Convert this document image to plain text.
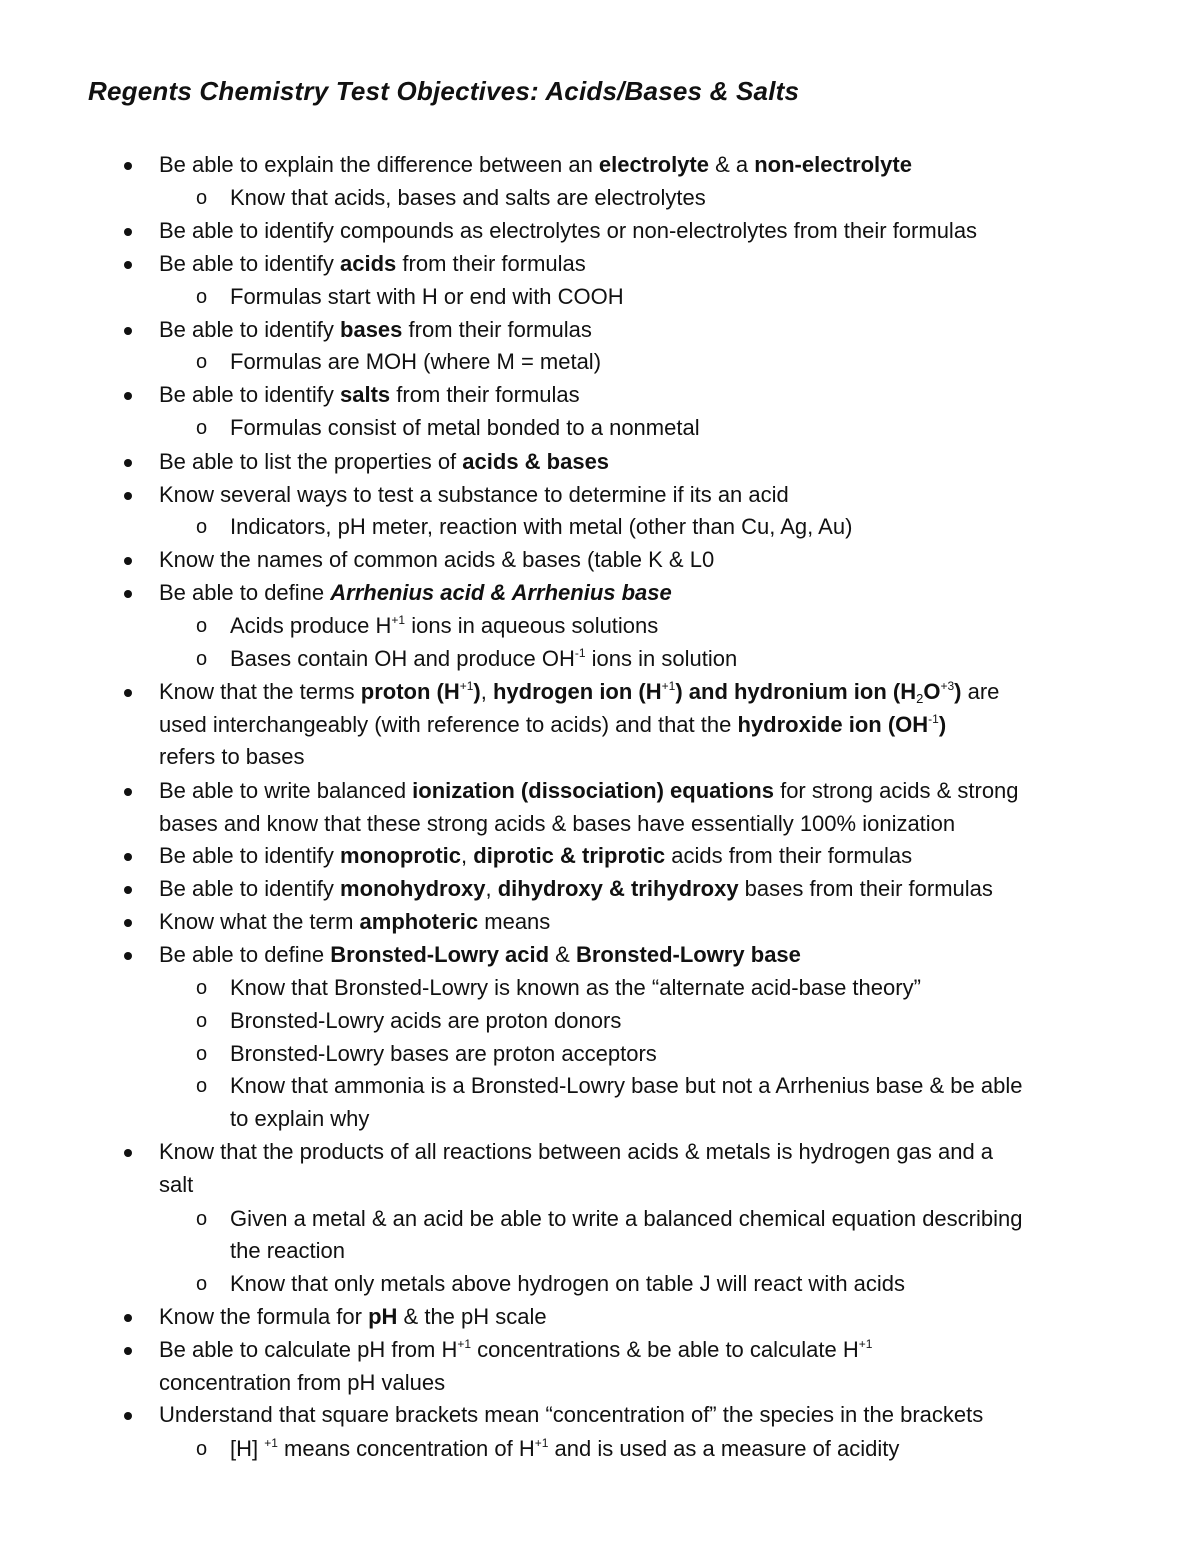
Regents Chemistry Test Objectives: Acids/Bases & Salts
Be able to explain the difference between an electrolyte & a non-electrolyte
o Know that acids, bases and salts are electrolytes
Be able to identify compounds as electrolytes or non-electrolytes from their formulas
Be able to identify acids from their formulas
o Formulas start with H or end with COOH
Be able to identify bases from their formulas
o Formulas are MOH (where M = metal)
Be able to identify salts from their formulas
o Formulas consist of metal bonded to a nonmetal
Be able to list the properties of acids & bases
Know several ways to test a substance to determine if its an acid
o Indicators, pH meter, reaction with metal (other than Cu, Ag, Au)
Know the names of common acids & bases (table K & L0
Be able to define Arrhenius acid & Arrhenius base
o Acids produce $H^{+1}$ ions in aqueous solutions
o Bases contain OH and produce $OH^{-1}$ ions in solution
Know that the terms proton $(H^{+1})$, hydrogen ion $(H^{+1})$ and hydronium ion $(H_2O^{+3})$ are
used interchangeably (with reference to acids) and that the hydroxide ion $(OH^{-1})$
refers to bases
Be able to write balanced ionization (dissociation) equations for strong acids & strong
bases and know that these strong acids & bases have essentially 100% ionization
Be able to identify monoprotic, diprotic & triprotic acids from their formulas
Be able to identify monohydroxy, dihydroxy & trihydroxy bases from their formulas
Know what the term amphoteric means
Be able to define Bronsted-Lowry acid & Bronsted-Lowry base
o Know that Bronsted-Lowry is known as the “alternate acid-base theory”
o Bronsted-Lowry acids are proton donors
o Bronsted-Lowry bases are proton acceptors
o Know that ammonia is a Bronsted-Lowry base but not a Arrhenius base & be able
to explain why
Know that the products of all reactions between acids & metals is hydrogen gas and a
salt
o Given a metal & an acid be able to write a balanced chemical equation describing
the reaction
o Know that only metals above hydrogen on table J will react with acids
Know the formula for pH & the pH scale
Be able to calculate pH from $H^{+1}$ concentrations & be able to calculate $H^{+1}$
concentration from pH values
Understand that square brackets mean “concentration of” the species in the brackets
o [H] $^{+1}$ means concentration of $H^{+1}$ and is used as a measure of acidity
